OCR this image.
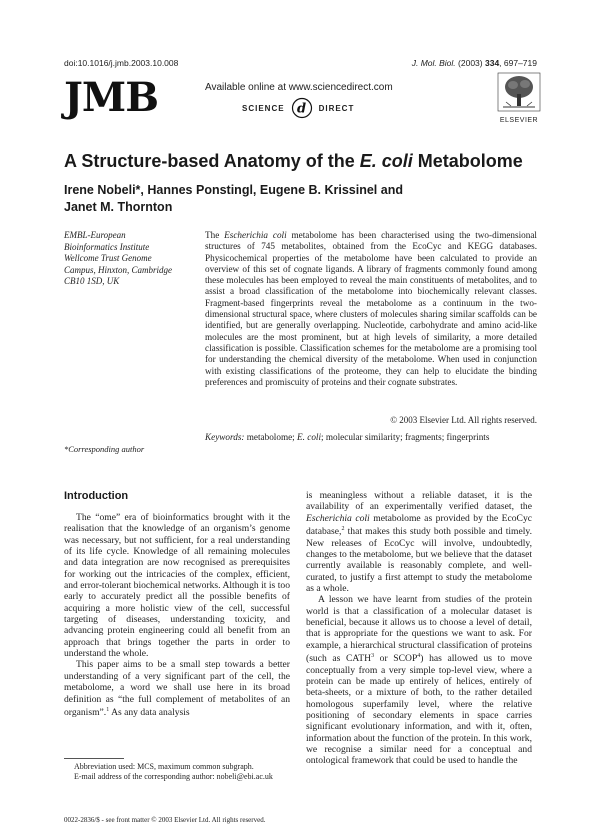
doi:10.1016/j.jmb.2003.10.008	J. Mol. Biol. (2003) 334, 697–719
JMB	Available online at www.sciencedirect.com
SCIENCE d DIRECT
ELSEVIER
A Structure-based Anatomy of the E. coli Metabolome
Irene Nobeli*, Hannes Ponstingl, Eugene B. Krissinel and
Janet M. Thornton
EMBL-European
Bioinformatics Institute
Wellcome Trust Genome
Campus, Hinxton, Cambridge
CB10 1SD, UK
The Escherichia coli metabolome has been characterised using the two-dimensional structures of 745 metabolites, obtained from the EcoCyc and KEGG databases. Physicochemical properties of the metabolome have been calculated to provide an overview of this set of cognate ligands. A library of fragments commonly found among these molecules has been employed to reveal the main constituents of metabolites, and to assist a broad classification of the metabolome into biochemically relevant classes. Fragment-based fingerprints reveal the metabolome as a continuum in the two-dimensional structural space, where clusters of molecules sharing similar scaffolds can be identified, but are generally overlapping. Nucleotide, carbohydrate and amino acid-like molecules are the most prominent, but at high levels of similarity, a more detailed classification is possible. Classification schemes for the metabolome are a promising tool for understanding the chemical diversity of the metabolome. When used in conjunction with existing classifications of the proteome, they can help to elucidate the binding preferences and promiscuity of proteins and their cognate substrates.
© 2003 Elsevier Ltd. All rights reserved.
Keywords: metabolome; E. coli; molecular similarity; fragments; fingerprints
*Corresponding author
Introduction

The “ome” era of bioinformatics brought with it the realisation that the knowledge of an organism’s genome was necessary, but not sufficient, for a real understanding of its life cycle. Knowledge of all remaining molecules and data integration are now recognised as prerequisites for working out the intricacies of the complex, efficient, and error-tolerant biochemical networks. Although it is too early to accurately predict all the possible benefits of acquiring a more holistic view of the cell, successful targeting of diseases, understanding toxicity, and advancing protein engineering could all benefit from an approach that brings together the parts in order to understand the whole.

This paper aims to be a small step towards a better understanding of a very significant part of the cell, the metabolome, a word we shall use here in its broad definition as “the full complement of metabolites of an organism”.$^1$ As any data analysis

is meaningless without a reliable dataset, it is the availability of an experimentally verified dataset, the Escherichia coli metabolome as provided by the EcoCyc database,$^2$ that makes this study both possible and timely. New releases of EcoCyc will involve, undoubtedly, changes to the metabolome, but we believe that the dataset currently available is reasonably complete, and well-curated, to justify a first attempt to study the metabolome as a whole.

A lesson we have learnt from studies of the protein world is that a classification of a molecular dataset is beneficial, because it allows us to choose a level of detail, that is appropriate for the questions we want to ask. For example, a hierarchical structural classification of proteins (such as CATH$^3$ or SCOP$^4$) has allowed us to move conceptually from a very simple top-level view, where a protein can be made up entirely of helices, entirely of beta-sheets, or a mixture of both, to the rather detailed homologous superfamily level, where the relative positioning of secondary elements in space carries significant evolutionary information, and with it, often, information about the function of the protein. In this work, we recognise a similar need for a conceptual and ontological framework that could be used to handle the

Abbreviation used: MCS, maximum common subgraph.

E-mail address of the corresponding author: nobeli@ebi.ac.uk

0022-2836/$ - see front matter © 2003 Elsevier Ltd. All rights reserved.
